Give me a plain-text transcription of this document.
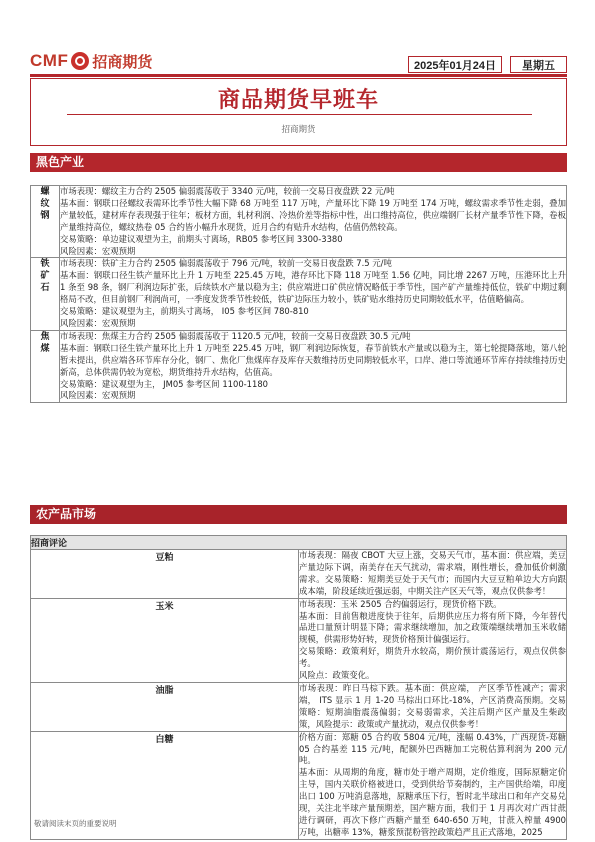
CMF 招商期货	2025年01月24日	星期五
商品期货早班车
招商期货
黑色产业
螺纹钢	市场表现：螺纹主力合约 2505 偏弱震荡收于 3340 元/吨，较前一交易日夜盘跌 22 元/吨

基本面：钢联口径螺纹表需环比季节性大幅下降 68 万吨至 117 万吨，产量环比下降 19 万吨至 174 万吨，螺纹需求季节性走弱，叠加产量较低，建材库存表现强于往年；板材方面，轧材利润、冷热价差等指标中性，出口维持高位，供应端钢厂长材产量季节性下降，卷板产量维持高位，螺纹热卷 05 合约皆小幅升水现货，近月合约有贴升水结构，估值仍然较高。

交易策略：单边建议观望为主，前期头寸离场，RB05 参考区间 3300-3380

风险因素：宏观预期

铁矿石	市场表现：铁矿主力合约 2505 偏弱震荡收于 796 元/吨，较前一交易日夜盘跌 7.5 元/吨

基本面：钢联口径生铁产量环比上升 1 万吨至 225.45 万吨，港存环比下降 118 万吨至 1.56 亿吨，同比增 2267 万吨，压港环比上升 1 条至 98 条，钢厂利润边际扩张，后续铁水产量以稳为主；供应端进口矿供应情况略低于季节性，国产矿产量维持低位，铁矿中期过剩格局不改，但目前钢厂利润尚可，一季度发货季节性较低，铁矿边际压力较小，铁矿贴水维持历史同期较低水平，估值略偏高。

交易策略：建议观望为主，前期头寸离场， I05 参考区间 780-810

风险因素：宏观预期

焦煤	市场表现：焦煤主力合约 2505 偏弱震荡收于 1120.5 元/吨，较前一交易日夜盘跌 30.5 元/吨

基本面：钢联口径生铁产量环比上升 1 万吨至 225.45 万吨，钢厂利润边际恢复，春节前铁水产量或以稳为主，第七轮提降落地，第八轮暂未提出，供应端各环节库存分化，钢厂、焦化厂焦煤库存及库存天数维持历史同期较低水平，口岸、港口等流通环节库存持续维持历史新高，总体供需仍较为宽松，期货维持升水结构，估值高。

交易策略：建议观望为主， JM05 参考区间 1100-1180

风险因素：宏观预期

农产品市场
招商评论	
豆粕	市场表现：隔夜 CBOT 大豆上涨，交易天气市，基本面：供应端，美豆产量边际下调，南美存在天气扰动，需求端，刚性增长，叠加低价刺激需求。交易策略：短期美豆处于天气市；而国内大豆豆粕单边大方向跟成本端，阶段延续近强远弱，中期关注产区天气等，观点仅供参考！

玉米	市场表现：玉米 2505 合约偏弱运行，现货价格下跌。

基本面：目前售粮进度快于往年，后期供应压力将有所下降，今年替代品进口量预计明显下降；需求继续增加，加之政策端继续增加玉米收储规模，供需形势好转，现货价格预计偏强运行。

交易策略：政策利好，期货升水较高，期价预计震荡运行，观点仅供参考。

风险点：政策变化。

油脂	市场表现：昨日马棕下跌。基本面：供应端， 产区季节性减产；需求端， ITS 显示 1 月 1-20 马棕出口环比-18%，产区消费高预期。交易策略：短期油脂震荡偏弱；交易弱需求，关注后期产区产量及生柴政策，风险提示：政策或产量扰动，观点仅供参考！

白糖	价格方面：郑糖 05 合约收 5804 元/吨，涨幅 0.43%，广西现货-郑糖 05 合约基差 115 元/吨，配额外巴西糖加工完税估算利润为 200 元/吨。

基本面：从周期的角度，糖市处于增产周期，定价维度，国际原糖定价主导，国内关联价格被进口，受到供给节奏制约，主产国供给端，印度出口 100 万吨消息落地，原糖承压下行，暂时北半球出口和年产交易兑现，关注北半球产量预期差，国产糖方面，我们于 1 月再次对广西甘蔗进行调研，再次下修广西糖产量至 640-650 万吨，甘蔗入榨量 4900 万吨，出糖率 13%，糖浆预混粉管控政策趋严且正式落地，2025

敬请阅读末页的重要说明
